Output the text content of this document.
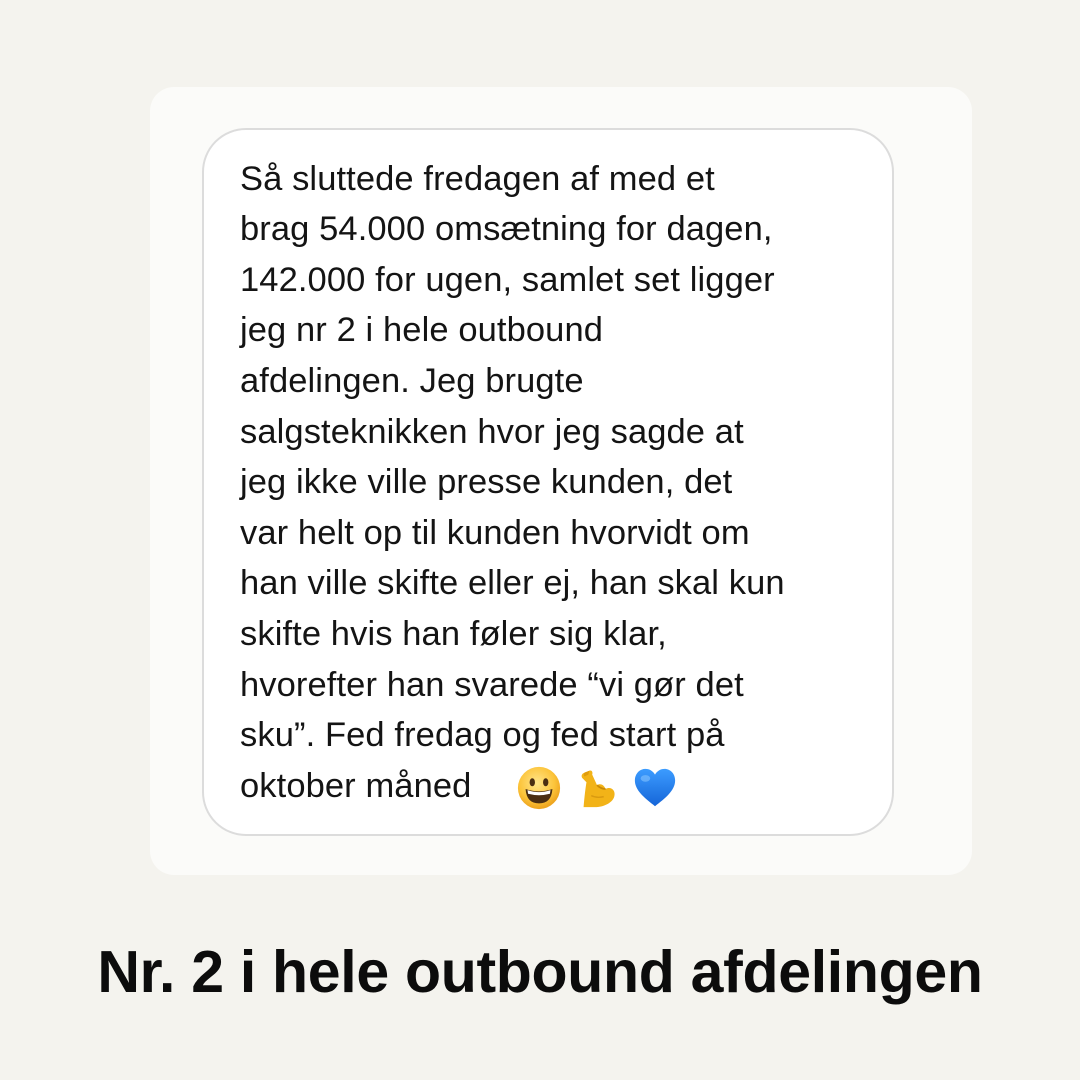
Så sluttede fredagen af med et
brag 54.000 omsætning for dagen,
142.000 for ugen, samlet set ligger
jeg nr 2 i hele outbound
afdelingen. Jeg brugte
salgsteknikken hvor jeg sagde at
jeg ikke ville presse kunden, det
var helt op til kunden hvorvidt om
han ville skifte eller ej, han skal kun
skifte hvis han føler sig klar,
hvorefter han svarede “vi gør det
sku”. Fed fredag og fed start på
oktober måned
Nr. 2 i hele outbound afdelingen
